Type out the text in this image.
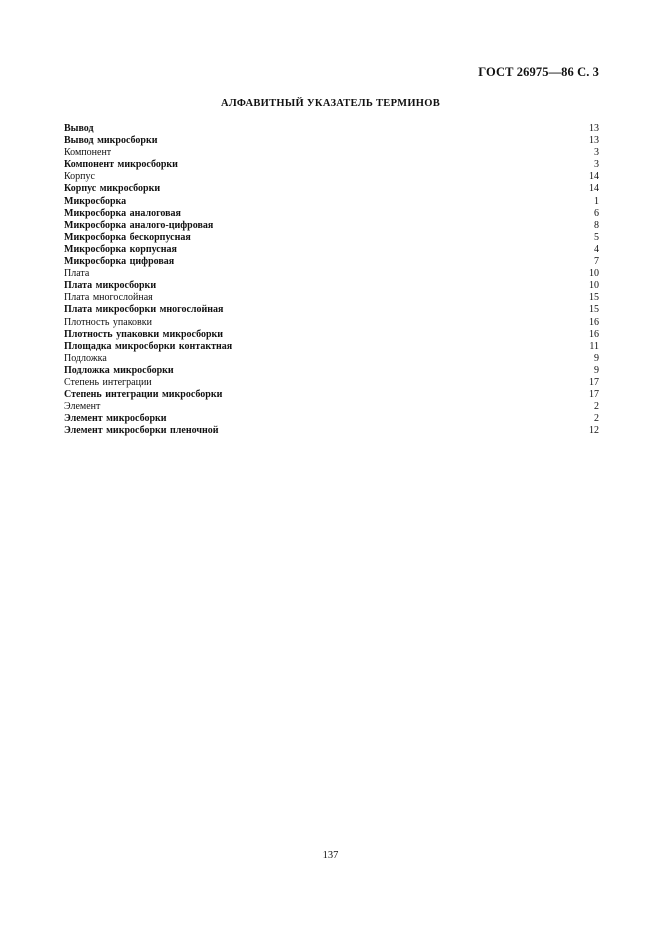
ГОСТ 26975—86 С. 3
АЛФАВИТНЫЙ УКАЗАТЕЛЬ ТЕРМИНОВ
Вывод	13
Вывод микросборки	13
Компонент	3
Компонент микросборки	3
Корпус	14
Корпус микросборки	14
Микросборка	1
Микросборка аналоговая	6
Микросборка аналого-цифровая	8
Микросборка бескорпусная	5
Микросборка корпусная	4
Микросборка цифровая	7
Плата	10
Плата микросборки	10
Плата многослойная	15
Плата микросборки многослойная	15
Плотность упаковки	16
Плотность упаковки микросборки	16
Площадка микросборки контактная	11
Подложка	9
Подложка микросборки	9
Степень интеграции	17
Степень интеграции микросборки	17
Элемент	2
Элемент микросборки	2
Элемент микросборки пленочной	12
137
